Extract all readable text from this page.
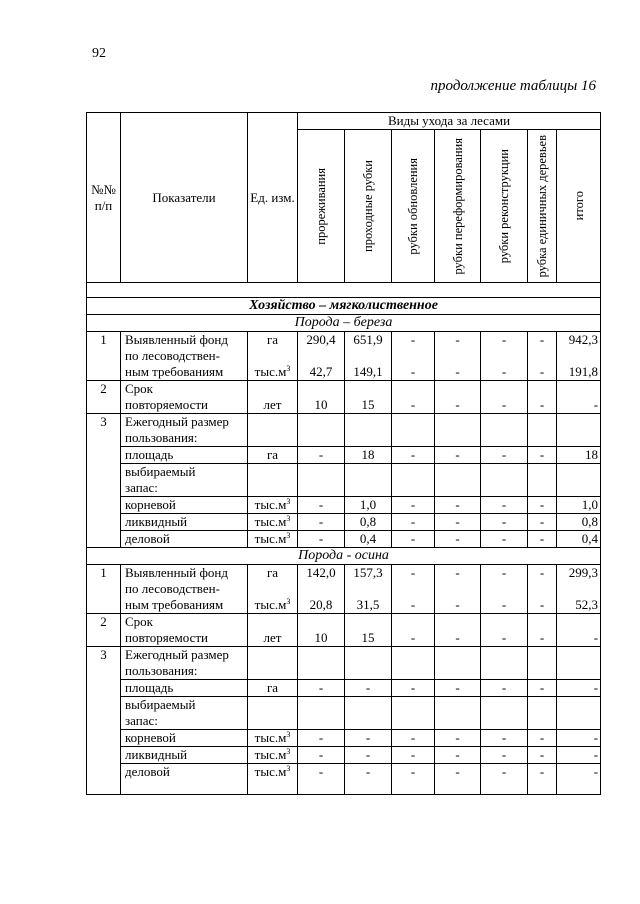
92
продолжение таблицы 16
№№ п/п	Показатели	Ед. изм.	Виды ухода за лесами						

			прореживания	проходные рубки	рубки обновления	рубки переформирования	рубки реконструкции	рубка единичных деревьев	итого

Хозяйство – мягколиственное									
Порода – береза									
1	Выявленный фонд	га	290,4	651,9	-	-	-	-	942,3
	по лесоводствен-								
	ным требованиям	$тыс.м^3$	42,7	149,1	-	-	-	-	191,8
2	Срок								
	повторяемости	лет	10	15	-	-	-	-	-
3	Ежегодный размер								
	пользования:								
	площадь	га	-	18	-	-	-	-	18
	выбираемый								
	запас:								
	корневой	$тыс.м^3$	-	1,0	-	-	-	-	1,0
	ликвидный	$тыс.м^3$	-	0,8	-	-	-	-	0,8
	деловой	$тыс.м^3$	-	0,4	-	-	-	-	0,4
Порода - осина									
1	Выявленный фонд	га	142,0	157,3	-	-	-	-	299,3
	по лесоводствен-								
	ным требованиям	$тыс.м^3$	20,8	31,5	-	-	-	-	52,3
2	Срок								
	повторяемости	лет	10	15	-	-	-	-	-
3	Ежегодный размер								
	пользования:								
	площадь	га	-	-	-	-	-	-	-
	выбираемый								
	запас:								
	корневой	$тыс.м^3$	-	-	-	-	-	-	-
	ликвидный	$тыс.м^3$	-	-	-	-	-	-	-
	деловой	$тыс.м^3$	-	-	-	-	-	-	-
